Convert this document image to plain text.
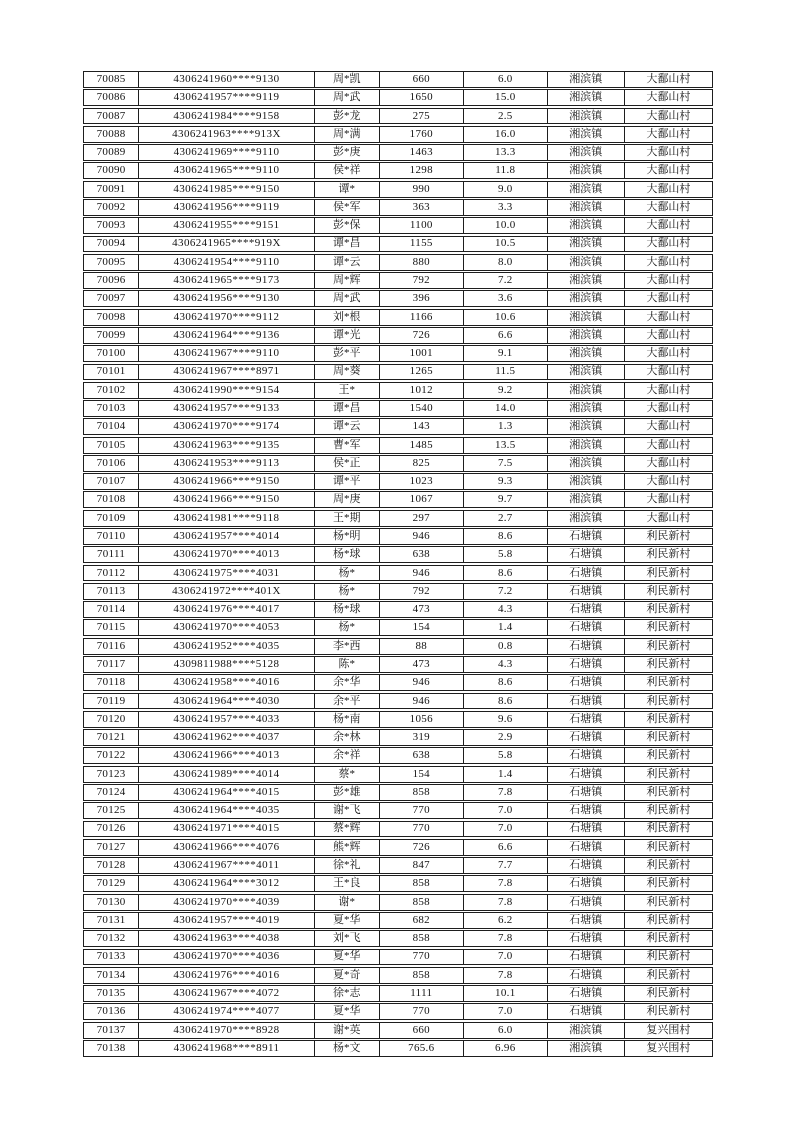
70085	4306241960****9130	周*凯	660	6.0	湘滨镇	大鄱山村
70086	4306241957****9119	周*武	1650	15.0	湘滨镇	大鄱山村
70087	4306241984****9158	彭*龙	275	2.5	湘滨镇	大鄱山村
70088	4306241963****913X	周*满	1760	16.0	湘滨镇	大鄱山村
70089	4306241969****9110	彭*庚	1463	13.3	湘滨镇	大鄱山村
70090	4306241965****9110	侯*祥	1298	11.8	湘滨镇	大鄱山村
70091	4306241985****9150	谭*	990	9.0	湘滨镇	大鄱山村
70092	4306241956****9119	侯*军	363	3.3	湘滨镇	大鄱山村
70093	4306241955****9151	彭*保	1100	10.0	湘滨镇	大鄱山村
70094	4306241965****919X	谭*昌	1155	10.5	湘滨镇	大鄱山村
70095	4306241954****9110	谭*云	880	8.0	湘滨镇	大鄱山村
70096	4306241965****9173	周*辉	792	7.2	湘滨镇	大鄱山村
70097	4306241956****9130	周*武	396	3.6	湘滨镇	大鄱山村
70098	4306241970****9112	刘*根	1166	10.6	湘滨镇	大鄱山村
70099	4306241964****9136	谭*光	726	6.6	湘滨镇	大鄱山村
70100	4306241967****9110	彭*平	1001	9.1	湘滨镇	大鄱山村
70101	4306241967****8971	周*葵	1265	11.5	湘滨镇	大鄱山村
70102	4306241990****9154	王*	1012	9.2	湘滨镇	大鄱山村
70103	4306241957****9133	谭*昌	1540	14.0	湘滨镇	大鄱山村
70104	4306241970****9174	谭*云	143	1.3	湘滨镇	大鄱山村
70105	4306241963****9135	曹*军	1485	13.5	湘滨镇	大鄱山村
70106	4306241953****9113	侯*正	825	7.5	湘滨镇	大鄱山村
70107	4306241966****9150	谭*平	1023	9.3	湘滨镇	大鄱山村
70108	4306241966****9150	周*庚	1067	9.7	湘滨镇	大鄱山村
70109	4306241981****9118	王*期	297	2.7	湘滨镇	大鄱山村
70110	4306241957****4014	杨*明	946	8.6	石塘镇	利民新村
70111	4306241970****4013	杨*球	638	5.8	石塘镇	利民新村
70112	4306241975****4031	杨*	946	8.6	石塘镇	利民新村
70113	4306241972****401X	杨*	792	7.2	石塘镇	利民新村
70114	4306241976****4017	杨*球	473	4.3	石塘镇	利民新村
70115	4306241970****4053	杨*	154	1.4	石塘镇	利民新村
70116	4306241952****4035	李*西	88	0.8	石塘镇	利民新村
70117	4309811988****5128	陈*	473	4.3	石塘镇	利民新村
70118	4306241958****4016	余*华	946	8.6	石塘镇	利民新村
70119	4306241964****4030	余*平	946	8.6	石塘镇	利民新村
70120	4306241957****4033	杨*南	1056	9.6	石塘镇	利民新村
70121	4306241962****4037	余*林	319	2.9	石塘镇	利民新村
70122	4306241966****4013	余*祥	638	5.8	石塘镇	利民新村
70123	4306241989****4014	蔡*	154	1.4	石塘镇	利民新村
70124	4306241964****4015	彭*雄	858	7.8	石塘镇	利民新村
70125	4306241964****4035	谢*飞	770	7.0	石塘镇	利民新村
70126	4306241971****4015	蔡*辉	770	7.0	石塘镇	利民新村
70127	4306241966****4076	熊*辉	726	6.6	石塘镇	利民新村
70128	4306241967****4011	徐*礼	847	7.7	石塘镇	利民新村
70129	4306241964****3012	王*良	858	7.8	石塘镇	利民新村
70130	4306241970****4039	谢*	858	7.8	石塘镇	利民新村
70131	4306241957****4019	夏*华	682	6.2	石塘镇	利民新村
70132	4306241963****4038	刘*飞	858	7.8	石塘镇	利民新村
70133	4306241970****4036	夏*华	770	7.0	石塘镇	利民新村
70134	4306241976****4016	夏*奇	858	7.8	石塘镇	利民新村
70135	4306241967****4072	徐*志	1111	10.1	石塘镇	利民新村
70136	4306241974****4077	夏*华	770	7.0	石塘镇	利民新村
70137	4306241970****8928	谢*英	660	6.0	湘滨镇	复兴围村
70138	4306241968****8911	杨*文	765.6	6.96	湘滨镇	复兴围村
